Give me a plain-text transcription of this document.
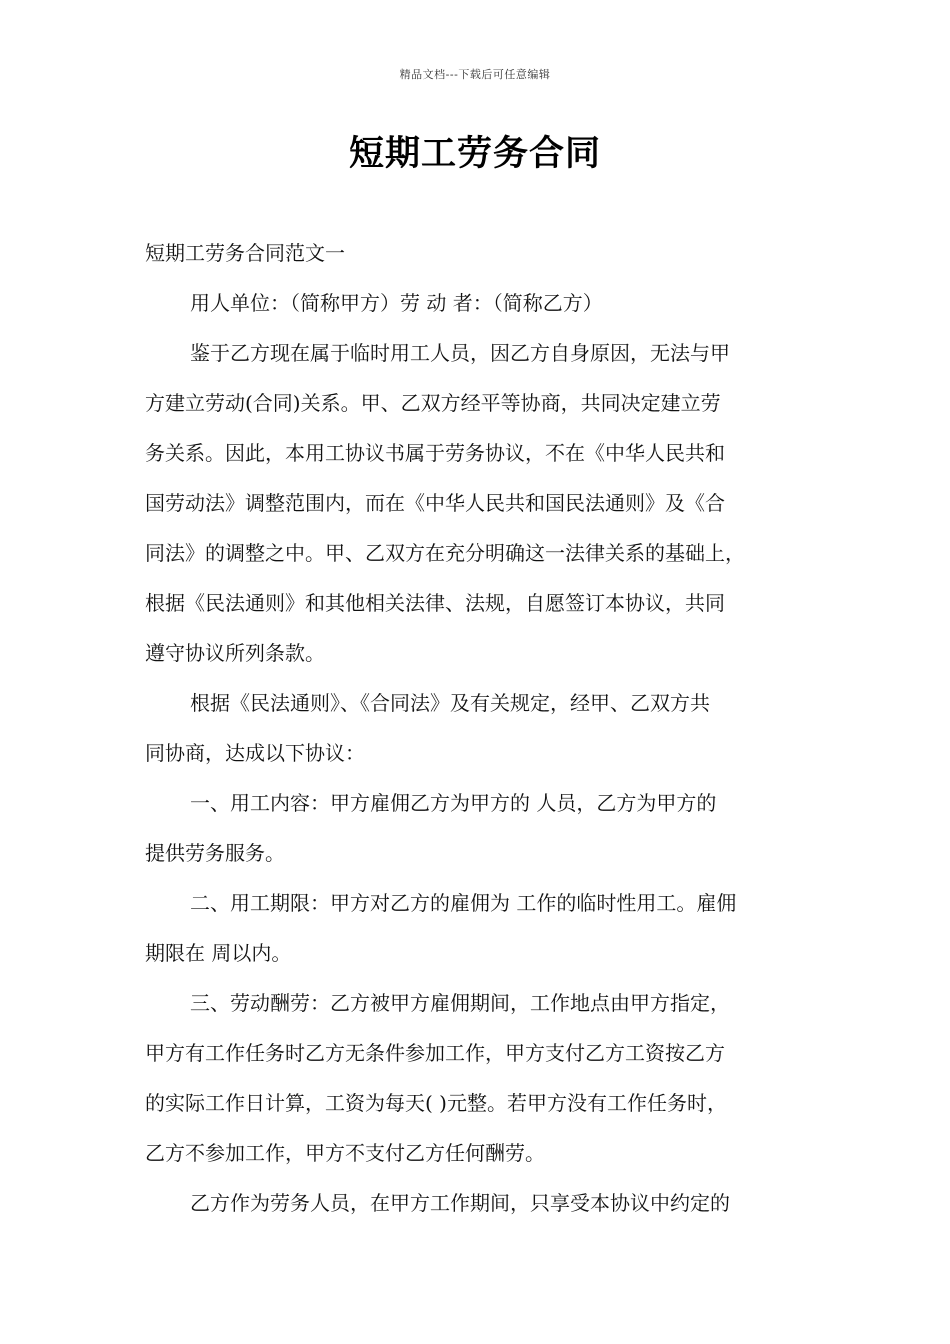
精品文档---下载后可任意编辑
短期工劳务合同
短期工劳务合同范文一
用人单位：（简称甲方）劳 动 者：（简称乙方）
鉴于乙方现在属于临时用工人员，因乙方自身原因，无法与甲
方建立劳动(合同)关系。甲、乙双方经平等协商，共同决定建立劳
务关系。因此，本用工协议书属于劳务协议，不在《中华人民共和
国劳动法》调整范围内，而在《中华人民共和国民法通则》及《合
同法》的调整之中。甲、乙双方在充分明确这一法律关系的基础上，
根据《民法通则》和其他相关法律、法规，自愿签订本协议，共同
遵守协议所列条款。
根据《民法通则》、《合同法》及有关规定，经甲、乙双方共
同协商，达成以下协议：
一、用工内容：甲方雇佣乙方为甲方的 人员，乙方为甲方的
提供劳务服务。
二、用工期限：甲方对乙方的雇佣为 工作的临时性用工。雇佣
期限在 周以内。
三、劳动酬劳：乙方被甲方雇佣期间，工作地点由甲方指定，
甲方有工作任务时乙方无条件参加工作，甲方支付乙方工资按乙方
的实际工作日计算，工资为每天( )元整。若甲方没有工作任务时，
乙方不参加工作，甲方不支付乙方任何酬劳。
乙方作为劳务人员，在甲方工作期间，只享受本协议中约定的
